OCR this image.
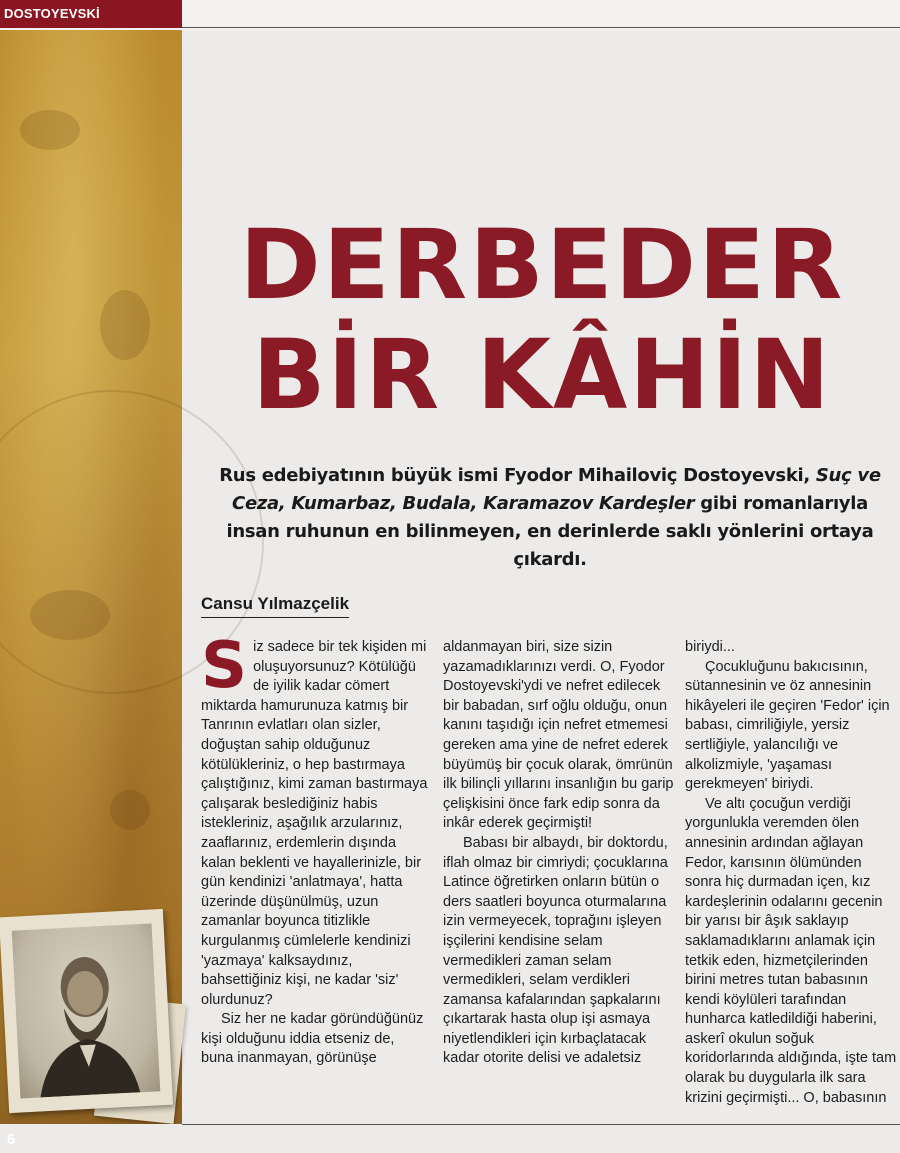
DOSTOYEVSKİ
6
DERBEDER
BİR KÂHİN
Rus edebiyatının büyük ismi Fyodor Mihailoviç Dostoyevski, Suç ve Ceza, Kumarbaz, Budala, Karamazov Kardeşler gibi romanlarıyla insan ruhunun en bilinmeyen, en derinlerde saklı yönlerini ortaya çıkardı.
Cansu Yılmazçelik

Siz sadece bir tek kişiden mi oluşuyorsunuz? Kötülüğü de iyilik kadar cömert miktarda hamurunuza katmış bir Tanrının evlatları olan sizler, doğuştan sahip olduğunuz kötülükleriniz, o hep bastırmaya çalıştığınız, kimi zaman bastırmaya çalışarak beslediğiniz habis istekleriniz, aşağılık arzularınız, zaaflarınız, erdemlerin dışında kalan beklenti ve hayallerinizle, bir gün kendinizi 'anlatmaya', hatta üzerinde düşünülmüş, uzun zamanlar boyunca titizlikle kurgulanmış cümlelerle kendinizi 'yazmaya' kalksaydınız, bahsettiğiniz kişi, ne kadar 'siz' olurdunuz?

Siz her ne kadar göründüğünüz kişi olduğunu iddia etseniz de, buna inanmayan, görünüşe

aldanmayan biri, size sizin yazamadıklarınızı verdi. O, Fyodor Dostoyevski'ydi ve nefret edilecek bir babadan, sırf oğlu olduğu, onun kanını taşıdığı için nefret etmemesi gereken ama yine de nefret ederek büyümüş bir çocuk olarak, ömrünün ilk bilinçli yıllarını insanlığın bu garip çelişkisini önce fark edip sonra da inkâr ederek geçirmişti!

Babası bir albaydı, bir doktordu, iflah olmaz bir cimriydi; çocuklarına Latince öğretirken onların bütün o ders saatleri boyunca oturmalarına izin vermeyecek, toprağını işleyen işçilerini kendisine selam vermedikleri zaman selam vermedikleri, selam verdikleri zamansa kafalarından şapkalarını çıkartarak hasta olup işi asmaya niyetlendikleri için kırbaçlatacak kadar otorite delisi ve adaletsiz

biriydi...

Çocukluğunu bakıcısının, sütannesinin ve öz annesinin hikâyeleri ile geçiren 'Fedor' için babası, cimriliğiyle, yersiz sertliğiyle, yalancılığı ve alkolizmiyle, 'yaşaması gerekmeyen' biriydi.

Ve altı çocuğun verdiği yorgunlukla veremden ölen annesinin ardından ağlayan Fedor, karısının ölümünden sonra hiç durmadan içen, kız kardeşlerinin odalarını gecenin bir yarısı bir âşık saklayıp saklamadıklarını anlamak için tetkik eden, hizmetçilerinden birini metres tutan babasının kendi köylüleri tarafından hunharca katledildiği haberini, askerî okulun soğuk koridorlarında aldığında, işte tam olarak bu duygularla ilk sara krizini geçirmişti... O, babasının
